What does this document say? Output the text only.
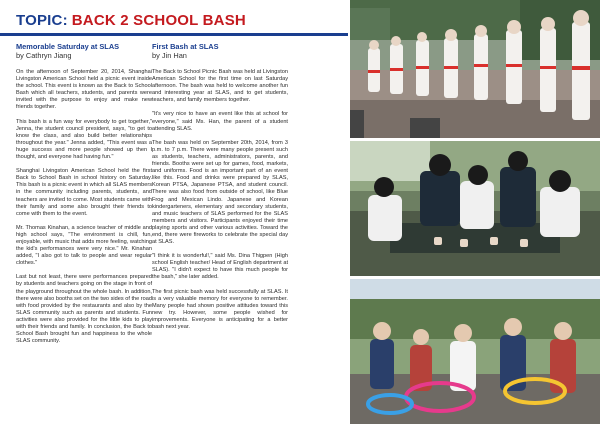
TOPIC: BACK 2 SCHOOL BASH
Memorable Saturday at SLAS
by Cathryn Jiang

On the afternoon of September 20, 2014, Shanghai Livingston American School held a picnic event inside the school. This event is known as the Back to School Bash which all teachers, students, and parents were invited with the purpose to enjoy and make new friends together.

This bash is a fun way for everybody to get together," Jenna, the student council president, says, "to get to know the class, and also build better relationships throughout the year." Jenna added, "This event was a huge success and more people showed up then I thought, and everyone had having fun."

Shanghai Livingston American School held the first Back to School Bash in school history on Saturday. This bash is a picnic event in which all SLAS members in the community including parents, students, and teachers are invited to come. Most students came with their family and some also brought their friends to come with them to the event.

Mr. Thomas Kinahan, a science teacher of middle and high school says, "The environment is chill, fun, enjoyable, with music that adds more feeling, watching the kid's performances were very nice." Mr. Kinahan added, "I also got to talk to people and wear regular clothes."

Last but not least, there were performances prepared by students and teachers going on the stage in front of the playground throughout the whole bash. In addition, there were also booths set on the two sides of the road with food provided by the restaurants and also by the SLAS community such as parents and students. Fun activities were also provided for the little kids to play with their friends and family. In conclusion, the Back to School Bash brought fun and happiness to the whole SLAS community.

First Bash at SLAS
by Jin Han

The Back to School Picnic Bash was held at Livingston American School for the first time on last Saturday afternoon. The bash was held to welcome another fun and interesting year at SLAS, and to get students, teachers, and family members together.

"It's very nice to have an event like this at school for everyone," said Ms. Han, the parent of a student attending SLAS.

The bash was held on September 20th, 2014, from 3 p.m. to 7 p.m. There were many people present such as students, teachers, administrators, parents, and friends. Booths were set up for games, food, markets, and uniforms. Food is an important part of an event like this. Food and drinks were prepared by SLAS, Korean PTSA, Japanese PTSA, and student council. There was also food from outside of school, like Blue Frog and Mexican Lindo. Japanese and Korean kindergarteners, elementary and secondary students, and music teachers of SLAS performed for the SLAS members and visitors. Participants enjoyed their time playing sports and other various activities. Toward the end, there were fireworks to celebrate the special day at SLAS.

"I think it is wonderful!," said Ms. Dina Thigpen (High school English teacher/ Head of English department at SLAS). "I didn't expect to have this much people for the bash," she later added.

The first picnic bash was held successfully at SLAS. It is a very valuable memory for everyone to remember. Many people had shown positive attitudes toward this new try. However, some people wished for improvements. Everyone is anticipating for a better bash next year.
